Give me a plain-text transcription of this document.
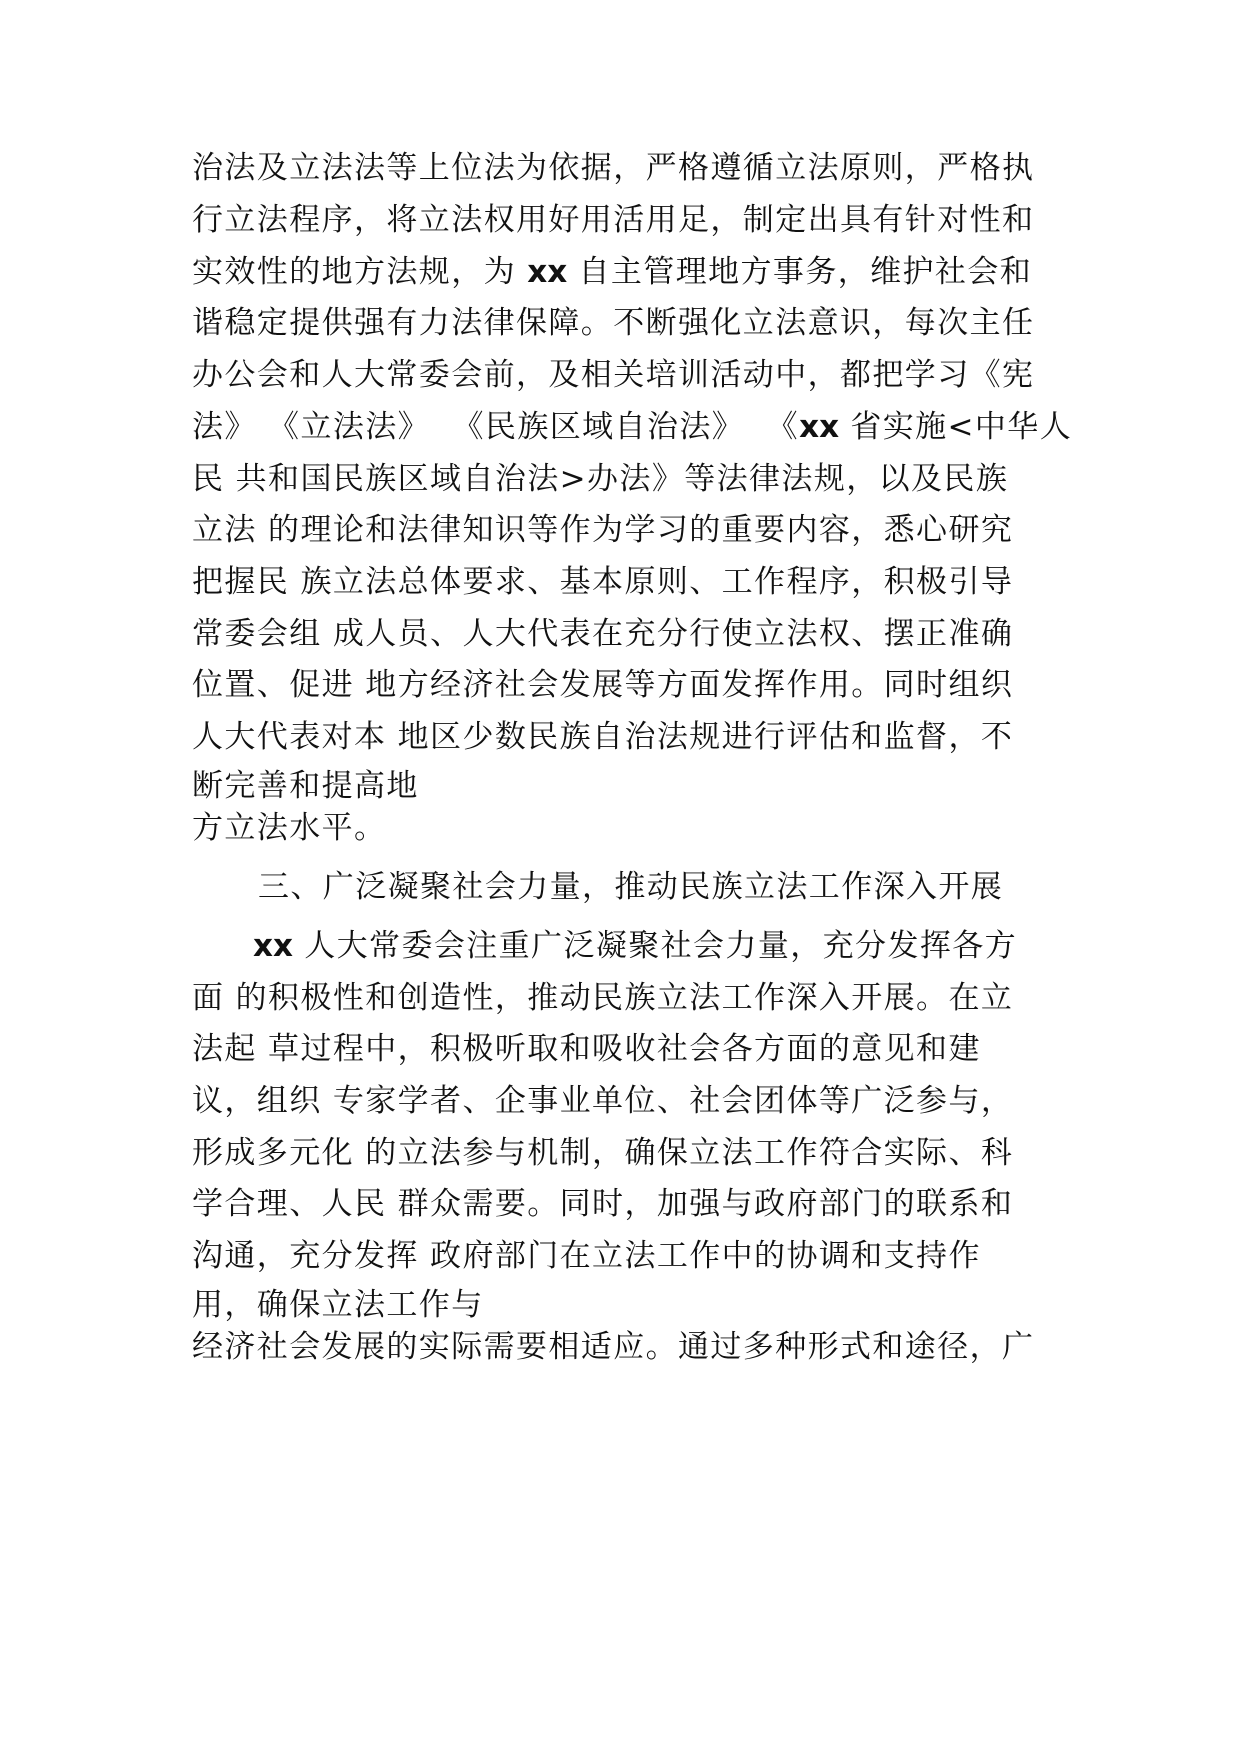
治法及立法法等上位法为依据，严格遵循立法原则，严格执
行立法程序，将立法权用好用活用足，制定出具有针对性和
实效性的地方法规，为 xx 自主管理地方事务，维护社会和
谐稳定提供强有力法律保障。不断强化立法意识，每次主任
办公会和人大常委会前，及相关培训活动中，都把学习《宪
法》 《立法法》  《民族区域自治法》  《xx 省实施<中华人
民 共和国民族区域自治法>办法》等法律法规，以及民族
立法 的理论和法律知识等作为学习的重要内容，悉心研究
把握民 族立法总体要求、基本原则、工作程序，积极引导
常委会组 成人员、人大代表在充分行使立法权、摆正准确
位置、促进 地方经济社会发展等方面发挥作用。同时组织
人大代表对本 地区少数民族自治法规进行评估和监督，不
断完善和提高地
方立法水平。
三、广泛凝聚社会力量，推动民族立法工作深入开展
xx 人大常委会注重广泛凝聚社会力量，充分发挥各方
面 的积极性和创造性，推动民族立法工作深入开展。在立
法起 草过程中，积极听取和吸收社会各方面的意见和建
议，组织 专家学者、企事业单位、社会团体等广泛参与，
形成多元化 的立法参与机制，确保立法工作符合实际、科
学合理、人民 群众需要。同时，加强与政府部门的联系和
沟通，充分发挥 政府部门在立法工作中的协调和支持作
用，确保立法工作与
经济社会发展的实际需要相适应。通过多种形式和途径，广
